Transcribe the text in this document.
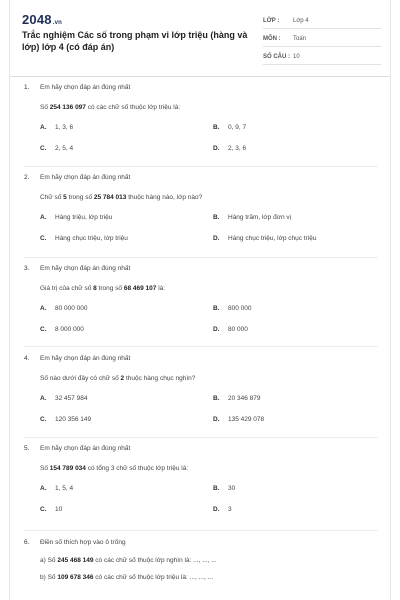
2048.vn
Trắc nghiệm Các số trong phạm vi lớp triệu (hàng và lớp) lớp 4 (có đáp án)
LỚP :	Lớp 4
MÔN :	Toán
SỐ CÂU : 10
1.	Em hãy chọn đáp án đúng nhất
Số 254 136 097 có các chữ số thuộc lớp triệu là:
A.	1, 3, 6	B.	0, 9, 7
C.	2, 5, 4	D.	2, 3, 6
2.	Em hãy chọn đáp án đúng nhất
Chữ số 5 trong số 25 784 013 thuộc hàng nào, lớp nào?
A.	Hàng triệu, lớp triệu	B.	Hàng trăm, lớp đơn vị
C.	Hàng chục triệu, lớp triệu	D.	Hàng chục triệu, lớp chục triệu
3.	Em hãy chọn đáp án đúng nhất
Giá trị của chữ số 8 trong số 68 469 107 là:
A.	80 000 000	B.	800 000
C.	8 000 000	D.	80 000
4.	Em hãy chọn đáp án đúng nhất
Số nào dưới đây có chữ số 2 thuộc hàng chục nghìn?
A.	32 457 984	B.	20 346 879
C.	120 356 149	D.	135 429 078
5.	Em hãy chọn đáp án đúng nhất
Số 154 789 034 có tổng 3 chữ số thuộc lớp triệu là:
A.	1, 5, 4	B.	30
C.	10	D.	3
6.	Điền số thích hợp vào ô trống
a) Số 245 468 149 có các chữ số thuộc lớp nghìn là: ..., ..., ...
b) Số 109 678 346 có các chữ số thuộc lớp triệu là: ..., ..., ...
